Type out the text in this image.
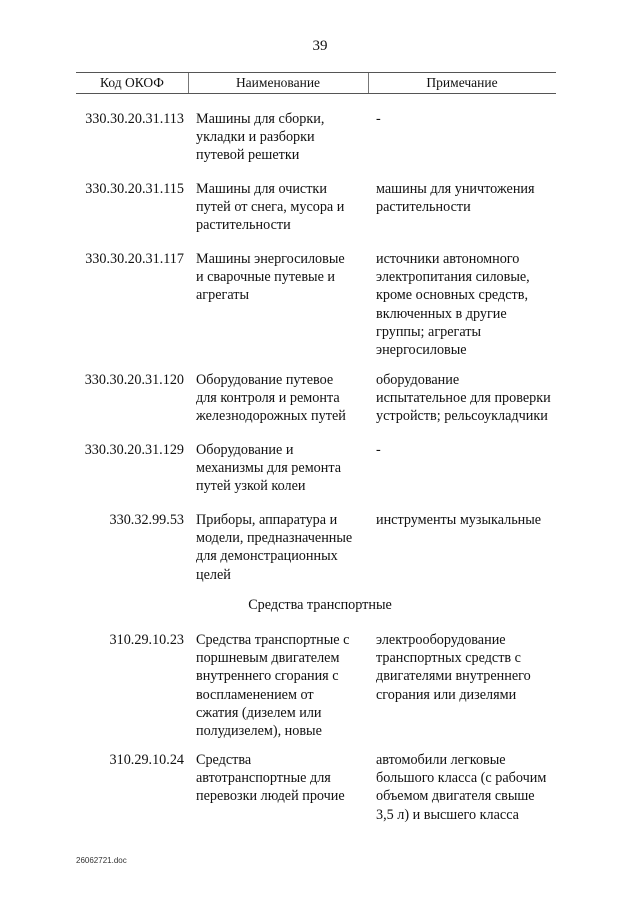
39
Код ОКОФ	Наименование	Примечание
330.30.20.31.113 Машины для сборки,
укладки и разборки
путевой решетки
-
330.30.20.31.115 Машины для очистки
путей от снега, мусора и
растительности
машины для уничтожения
растительности
330.30.20.31.117 Машины энергосиловые
и сварочные путевые и
агрегаты
источники автономного
электропитания силовые,
кроме основных средств,
включенных в другие
группы; агрегаты
энергосиловые
330.30.20.31.120 Оборудование путевое
для контроля и ремонта
железнодорожных путей
оборудование
испытательное для проверки
устройств; рельсоукладчики
330.30.20.31.129 Оборудование и
механизмы для ремонта
путей узкой колеи
-
330.32.99.53 Приборы, аппаратура и
модели, предназначенные
для демонстрационных
целей
инструменты музыкальные
310.29.10.23 Средства транспортные с
поршневым двигателем
внутреннего сгорания с
воспламенением от
сжатия (дизелем или
полудизелем), новые
электрооборудование
транспортных средств с
двигателями внутреннего
сгорания или дизелями
310.29.10.24 Средства
автотранспортные для
перевозки людей прочие
автомобили легковые
большого класса (с рабочим
объемом двигателя свыше
3,5 л) и высшего класса
Средства транспортные
26062721.doc
